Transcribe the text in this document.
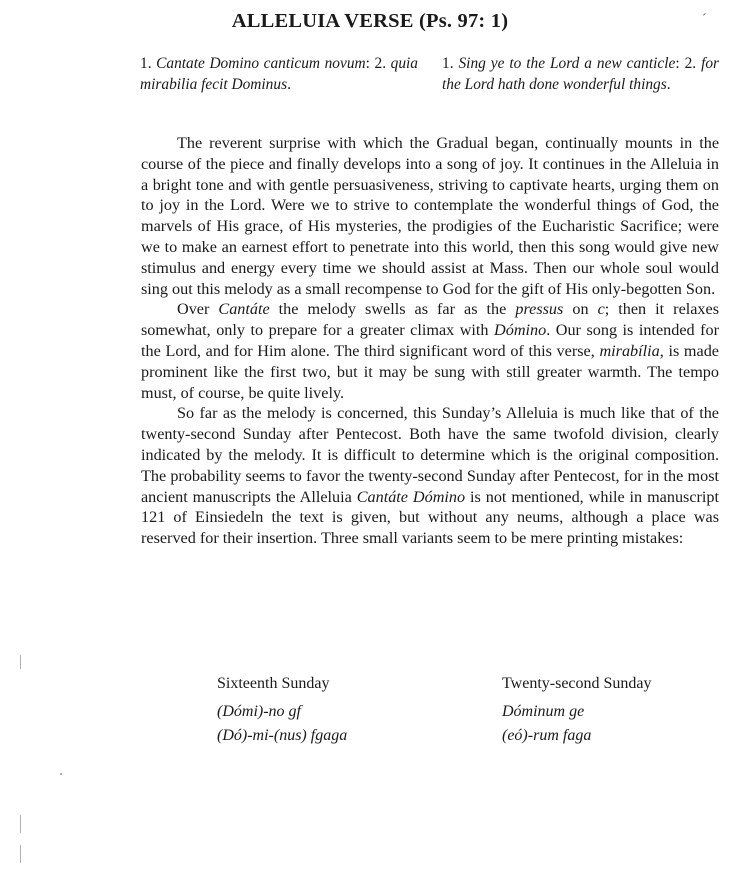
ALLELUIA VERSE (Ps. 97: 1)	´
1. Cantate Domino canticum novum: 2. quia mirabilia fecit Dominus.
1. Sing ye to the Lord a new canticle: 2. for the Lord hath done wonderful things.

The reverent surprise with which the Gradual began, continually mounts in the course of the piece and finally develops into a song of joy. It continues in the Alleluia in a bright tone and with gentle persuasiveness, striving to captivate hearts, urging them on to joy in the Lord. Were we to strive to contemplate the wonderful things of God, the marvels of His grace, of His mysteries, the prodigies of the Eucharistic Sacrifice; were we to make an earnest effort to penetrate into this world, then this song would give new stimulus and energy every time we should assist at Mass. Then our whole soul would sing out this melody as a small recompense to God for the gift of His only-begotten Son.

Over Cantáte the melody swells as far as the pressus on c; then it relaxes somewhat, only to prepare for a greater climax with Dómino. Our song is intended for the Lord, and for Him alone. The third significant word of this verse, mirabília, is made prominent like the first two, but it may be sung with still greater warmth. The tempo must, of course, be quite lively.

So far as the melody is concerned, this Sunday’s Alleluia is much like that of the twenty-second Sunday after Pentecost. Both have the same twofold division, clearly indicated by the melody. It is difficult to determine which is the original composition. The probability seems to favor the twenty-second Sunday after Pentecost, for in the most ancient manuscripts the Alleluia Cantáte Dómino is not mentioned, while in manuscript 121 of Einsiedeln the text is given, but without any neums, although a place was reserved for their insertion. Three small variants seem to be mere printing mistakes:

Sixteenth Sunday
(Dómi)-no gf
(Dó)-mi-(nus) fgaga
Twenty-second Sunday
Dóminum ge
(eó)-rum faga
